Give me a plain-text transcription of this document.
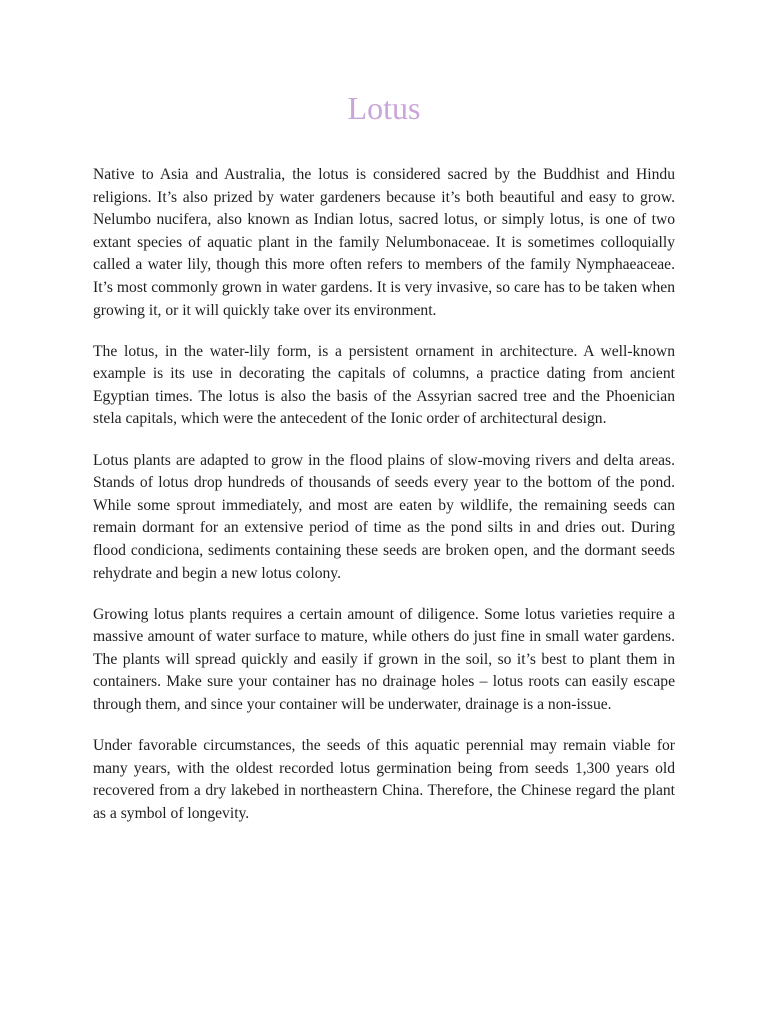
Lotus

Native to Asia and Australia, the lotus is considered sacred by the Buddhist and Hindu religions. It’s also prized by water gardeners because it’s both beautiful and easy to grow. Nelumbo nucifera, also known as Indian lotus, sacred lotus, or simply lotus, is one of two extant species of aquatic plant in the family Nelumbonaceae. It is sometimes colloquially called a water lily, though this more often refers to members of the family Nymphaeaceae. It’s most commonly grown in water gardens. It is very invasive, so care has to be taken when growing it, or it will quickly take over its environment.

The lotus, in the water-lily form, is a persistent ornament in architecture. A well-known example is its use in decorating the capitals of columns, a practice dating from ancient Egyptian times. The lotus is also the basis of the Assyrian sacred tree and the Phoenician stela capitals, which were the antecedent of the Ionic order of architectural design.

Lotus plants are adapted to grow in the flood plains of slow-moving rivers and delta areas. Stands of lotus drop hundreds of thousands of seeds every year to the bottom of the pond. While some sprout immediately, and most are eaten by wildlife, the remaining seeds can remain dormant for an extensive period of time as the pond silts in and dries out. During flood condiciona, sediments containing these seeds are broken open, and the dormant seeds rehydrate and begin a new lotus colony.

Growing lotus plants requires a certain amount of diligence. Some lotus varieties require a massive amount of water surface to mature, while others do just fine in small water gardens. The plants will spread quickly and easily if grown in the soil, so it’s best to plant them in containers. Make sure your container has no drainage holes – lotus roots can easily escape through them, and since your container will be underwater, drainage is a non-issue.

Under favorable circumstances, the seeds of this aquatic perennial may remain viable for many years, with the oldest recorded lotus germination being from seeds 1,300 years old recovered from a dry lakebed in northeastern China. Therefore, the Chinese regard the plant as a symbol of longevity.
